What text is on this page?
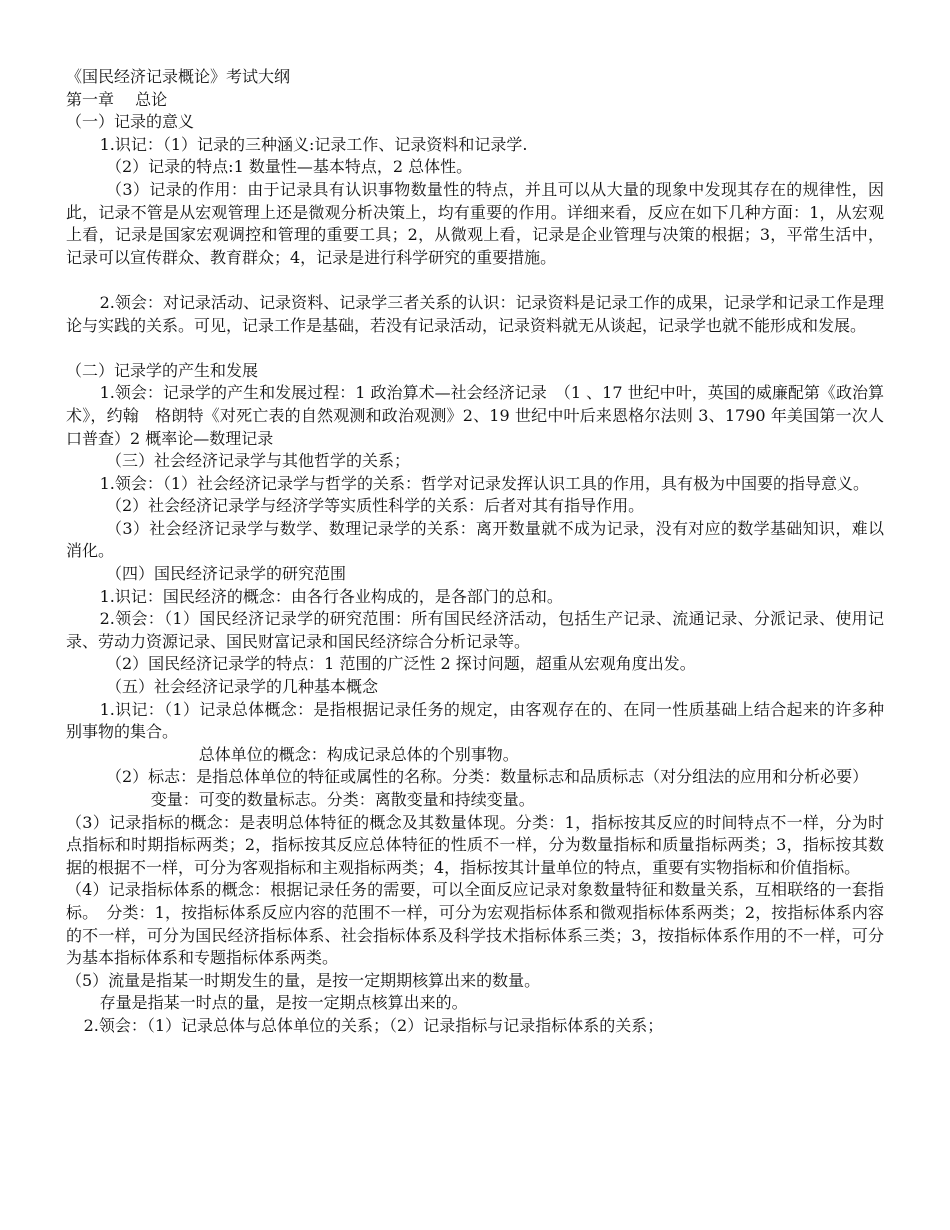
《国民经济记录概论》考试大纲

第一章　 总论

（一）记录的意义

1.识记：（1）记录的三种涵义:记录工作、记录资料和记录学.

（2）记录的特点:1 数量性—基本特点，2 总体性。

（3）记录的作用：由于记录具有认识事物数量性的特点，并且可以从大量的现象中发现其存在的规律性，因此，记录不管是从宏观管理上还是微观分析决策上，均有重要的作用。详细来看，反应在如下几种方面：1，从宏观上看，记录是国家宏观调控和管理的重要工具；2，从微观上看，记录是企业管理与决策的根据；3，平常生活中，记录可以宣传群众、教育群众；4，记录是进行科学研究的重要措施。

2.领会：对记录活动、记录资料、记录学三者关系的认识：记录资料是记录工作的成果，记录学和记录工作是理论与实践的关系。可见，记录工作是基础，若没有记录活动，记录资料就无从谈起，记录学也就不能形成和发展。

（二）记录学的产生和发展

1.领会：记录学的产生和发展过程：1 政治算术—社会经济记录　（1 、17 世纪中叶，英国的威廉配第《政治算术》，约翰　格朗特《对死亡表的自然观测和政治观测》2、19 世纪中叶后来恩格尔法则 3、1790 年美国第一次人口普查）2 概率论—数理记录

（三）社会经济记录学与其他哲学的关系；

1.领会：（1）社会经济记录学与哲学的关系：哲学对记录发挥认识工具的作用，具有极为中国要的指导意义。

（2）社会经济记录学与经济学等实质性科学的关系：后者对其有指导作用。

（3）社会经济记录学与数学、数理记录学的关系：离开数量就不成为记录，没有对应的数学基础知识，难以消化。

（四）国民经济记录学的研究范围

1.识记：国民经济的概念：由各行各业构成的，是各部门的总和。

2.领会：（1）国民经济记录学的研究范围：所有国民经济活动，包括生产记录、流通记录、分派记录、使用记录、劳动力资源记录、国民财富记录和国民经济综合分析记录等。

（2）国民经济记录学的特点：1 范围的广泛性 2 探讨问题，超重从宏观角度出发。

（五）社会经济记录学的几种基本概念

1.识记：（1）记录总体概念：是指根据记录任务的规定，由客观存在的、在同一性质基础上结合起来的许多种别事物的集合。

总体单位的概念：构成记录总体的个别事物。

（2）标志：是指总体单位的特征或属性的名称。分类：数量标志和品质标志（对分组法的应用和分析必要）

变量：可变的数量标志。分类：离散变量和持续变量。

（3）记录指标的概念：是表明总体特征的概念及其数量体现。分类：1，指标按其反应的时间特点不一样，分为时点指标和时期指标两类；2，指标按其反应总体特征的性质不一样，分为数量指标和质量指标两类；3，指标按其数据的根据不一样，可分为客观指标和主观指标两类；4，指标按其计量单位的特点，重要有实物指标和价值指标。

（4）记录指标体系的概念：根据记录任务的需要，可以全面反应记录对象数量特征和数量关系，互相联络的一套指标。　分类：1，按指标体系反应内容的范围不一样，可分为宏观指标体系和微观指标体系两类；2，按指标体系内容的不一样，可分为国民经济指标体系、社会指标体系及科学技术指标体系三类；3，按指标体系作用的不一样，可分为基本指标体系和专题指标体系两类。

（5）流量是指某一时期发生的量，是按一定期期核算出来的数量。

存量是指某一时点的量，是按一定期点核算出来的。

2.领会：（1）记录总体与总体单位的关系；（2）记录指标与记录指标体系的关系；
